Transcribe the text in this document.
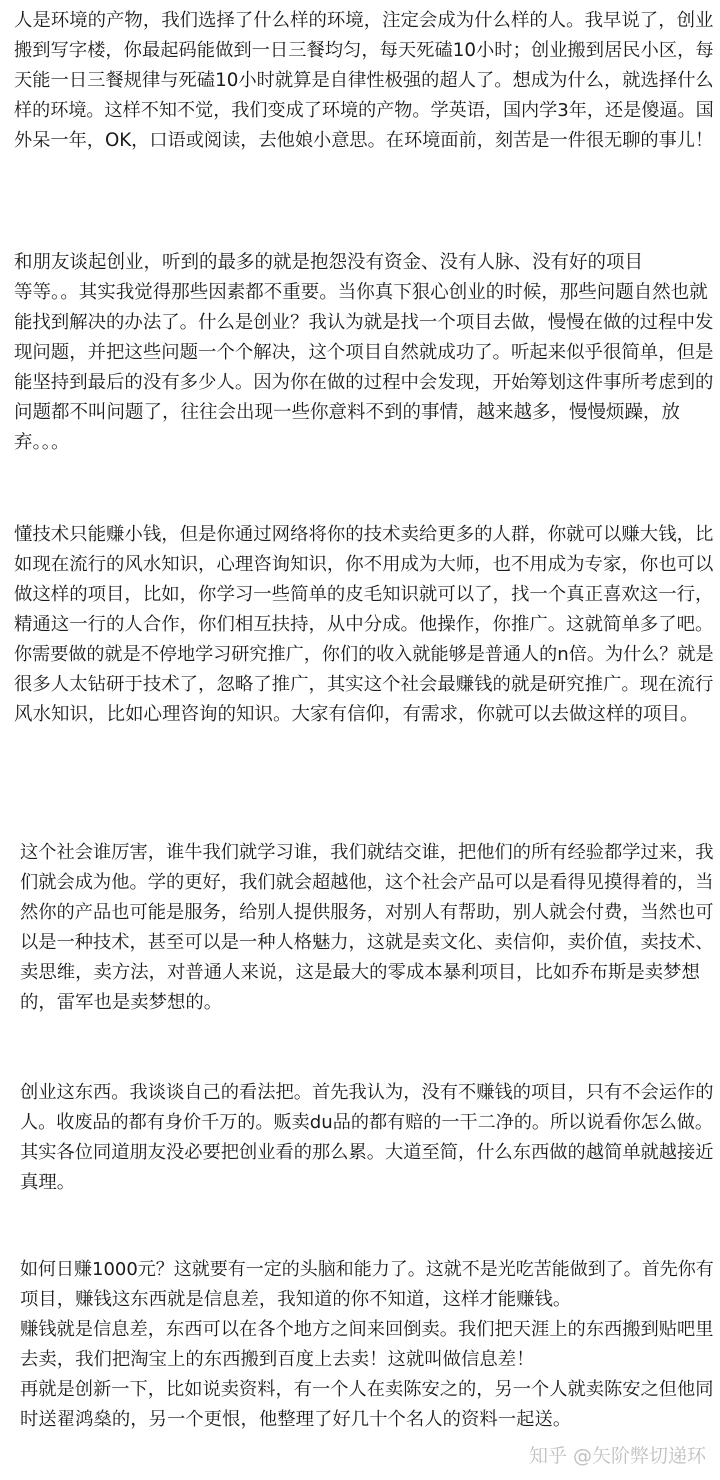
人是环境的产物，我们选择了什么样的环境，注定会成为什么样的人。我早说了，创业
搬到写字楼，你最起码能做到一日三餐均匀，每天死磕10小时；创业搬到居民小区，每
天能一日三餐规律与死磕10小时就算是自律性极强的超人了。想成为什么，就选择什么
样的环境。这样不知不觉，我们变成了环境的产物。学英语，国内学3年，还是傻逼。国
外呆一年，OK，口语或阅读，去他娘小意思。在环境面前，刻苦是一件很无聊的事儿！
和朋友谈起创业，听到的最多的就是抱怨没有资金、没有人脉、没有好的项目
等等。。其实我觉得那些因素都不重要。当你真下狠心创业的时候，那些问题自然也就
能找到解决的办法了。什么是创业？我认为就是找一个项目去做，慢慢在做的过程中发
现问题，并把这些问题一个个解决，这个项目自然就成功了。听起来似乎很简单，但是
能坚持到最后的没有多少人。因为你在做的过程中会发现，开始筹划这件事所考虑到的
问题都不叫问题了，往往会出现一些你意料不到的事情，越来越多，慢慢烦躁，放
弃。。。
懂技术只能赚小钱，但是你通过网络将你的技术卖给更多的人群，你就可以赚大钱，比
如现在流行的风水知识，心理咨询知识，你不用成为大师，也不用成为专家，你也可以
做这样的项目，比如，你学习一些简单的皮毛知识就可以了，找一个真正喜欢这一行，
精通这一行的人合作，你们相互扶持，从中分成。他操作，你推广。这就简单多了吧。
你需要做的就是不停地学习研究推广，你们的收入就能够是普通人的n倍。为什么？就是
很多人太钻研于技术了，忽略了推广，其实这个社会最赚钱的就是研究推广。现在流行
风水知识，比如心理咨询的知识。大家有信仰，有需求，你就可以去做这样的项目。
这个社会谁厉害，谁牛我们就学习谁，我们就结交谁，把他们的所有经验都学过来，我
们就会成为他。学的更好，我们就会超越他，这个社会产品可以是看得见摸得着的，当
然你的产品也可能是服务，给别人提供服务，对别人有帮助，别人就会付费，当然也可
以是一种技术，甚至可以是一种人格魅力，这就是卖文化、卖信仰，卖价值，卖技术、
卖思维，卖方法，对普通人来说，这是最大的零成本暴利项目，比如乔布斯是卖梦想
的，雷军也是卖梦想的。
创业这东西。我谈谈自己的看法把。首先我认为，没有不赚钱的项目，只有不会运作的
人。收废品的都有身价千万的。贩卖du品的都有赔的一干二净的。所以说看你怎么做。
其实各位同道朋友没必要把创业看的那么累。大道至简，什么东西做的越简单就越接近
真理。
如何日赚1000元？这就要有一定的头脑和能力了。这就不是光吃苦能做到了。首先你有
项目，赚钱这东西就是信息差，我知道的你不知道，这样才能赚钱。
赚钱就是信息差，东西可以在各个地方之间来回倒卖。我们把天涯上的东西搬到贴吧里
去卖，我们把淘宝上的东西搬到百度上去卖！这就叫做信息差！
再就是创新一下，比如说卖资料，有一个人在卖陈安之的，另一个人就卖陈安之但他同
时送翟鸿燊的，另一个更恨，他整理了好几十个名人的资料一起送。
知乎 @矢阶弊切递环
